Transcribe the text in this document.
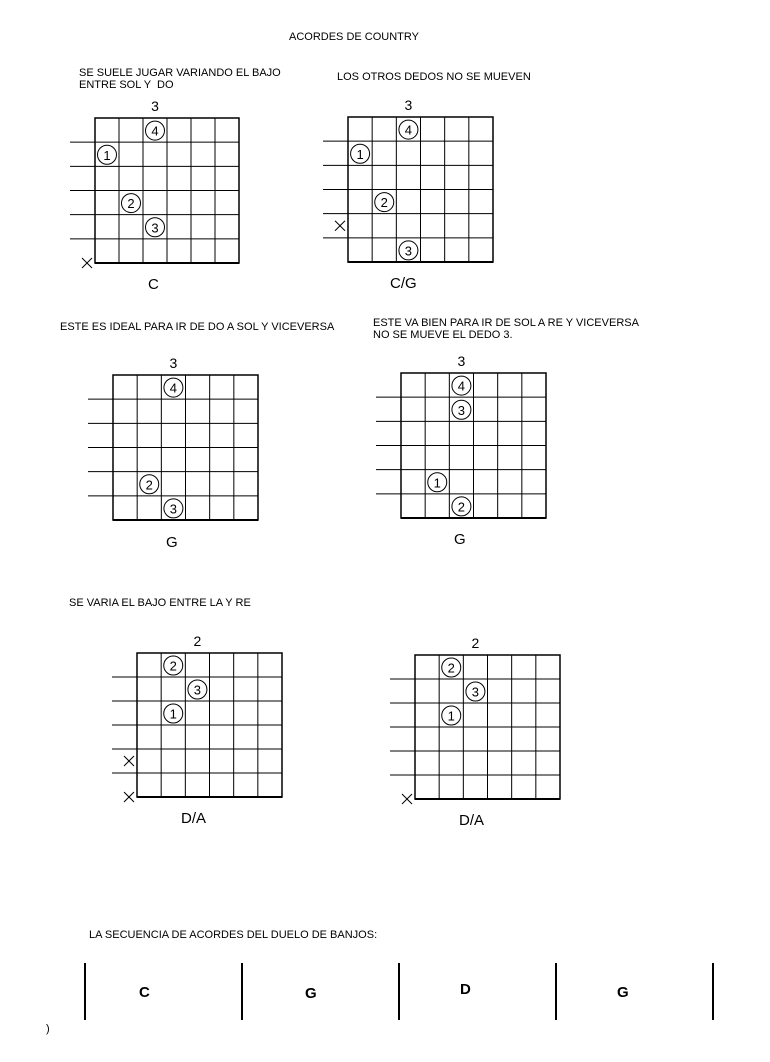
ACORDES DE COUNTRY
SE SUELE JUGAR VARIANDO EL BAJO
ENTRE SOL Y  DO
LOS OTROS DEDOS NO SE MUEVEN
ESTE ES IDEAL PARA IR DE DO A SOL Y VICEVERSA	ESTE VA BIEN PARA IR DE SOL A RE Y VICEVERSA
NO SE MUEVE EL DEDO 3.
SE VARIA EL BAJO ENTRE LA Y RE
C	C/G
G	G
D/A	D/A
LA SECUENCIA DE ACORDES DEL DUELO DE BANJOS:
C	G	D	G
)
3
4
1
2
3
3
4
1
2
3
3
4
2
3
3
4
3
1
2
2
2
3
1
2
2
3
1
